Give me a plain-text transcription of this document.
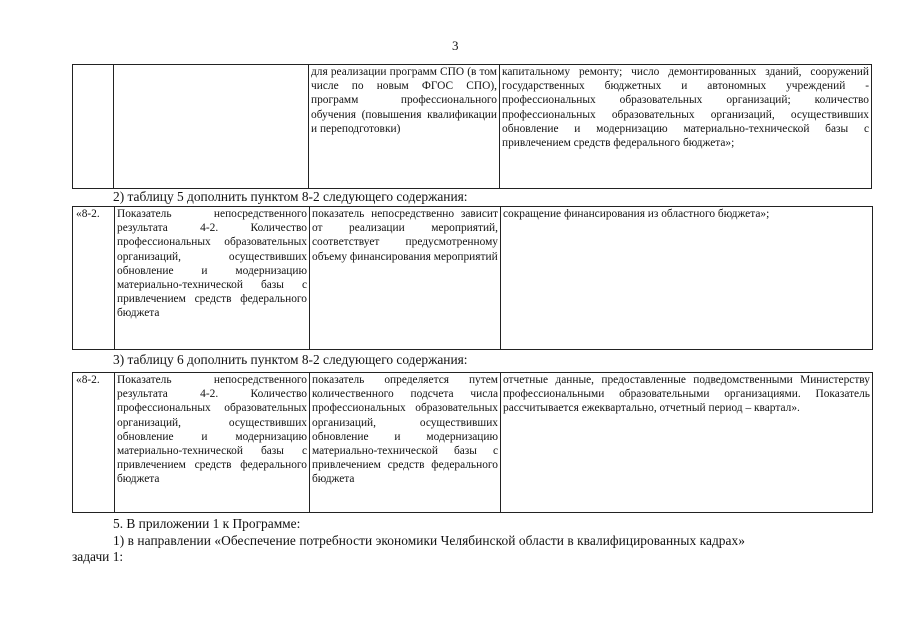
3
		для реализации программ СПО (в том числе по новым ФГОС СПО), программ профессионального обучения (повышения квалификации и переподготовки)	капитальному ремонту; число демонтированных зданий, сооружений государственных бюджетных и автономных учреждений - профессиональных образовательных организаций; количество профессиональных образовательных организаций, осуществивших обновление и модернизацию материально-технической базы с привлечением средств федерального бюджета»;
2) таблицу 5 дополнить пунктом 8-2 следующего содержания:
«8-2.	Показатель непосредственного результата 4-2. Количество профессиональных образовательных организаций, осуществивших обновление и модернизацию материально-технической базы с привлечением средств федерального бюджета	показатель непосредственно зависит от реализации мероприятий, соответствует предусмотренному объему финансирования мероприятий	сокращение финансирования из областного бюджета»;
3) таблицу 6 дополнить пунктом 8-2 следующего содержания:
«8-2.	Показатель непосредственного результата 4-2. Количество профессиональных образовательных организаций, осуществивших обновление и модернизацию материально-технической базы с привлечением средств федерального бюджета	показатель определяется путем количественного подсчета числа профессиональных образовательных организаций, осуществивших обновление и модернизацию материально-технической базы с привлечением средств федерального бюджета	отчетные данные, предоставленные подведомственными Министерству профессиональными образовательными организациями. Показатель рассчитывается ежеквартально, отчетный период – квартал».
5. В приложении 1 к Программе:
1) в направлении «Обеспечение потребности экономики Челябинской области в квалифицированных кадрах»
задачи 1:
